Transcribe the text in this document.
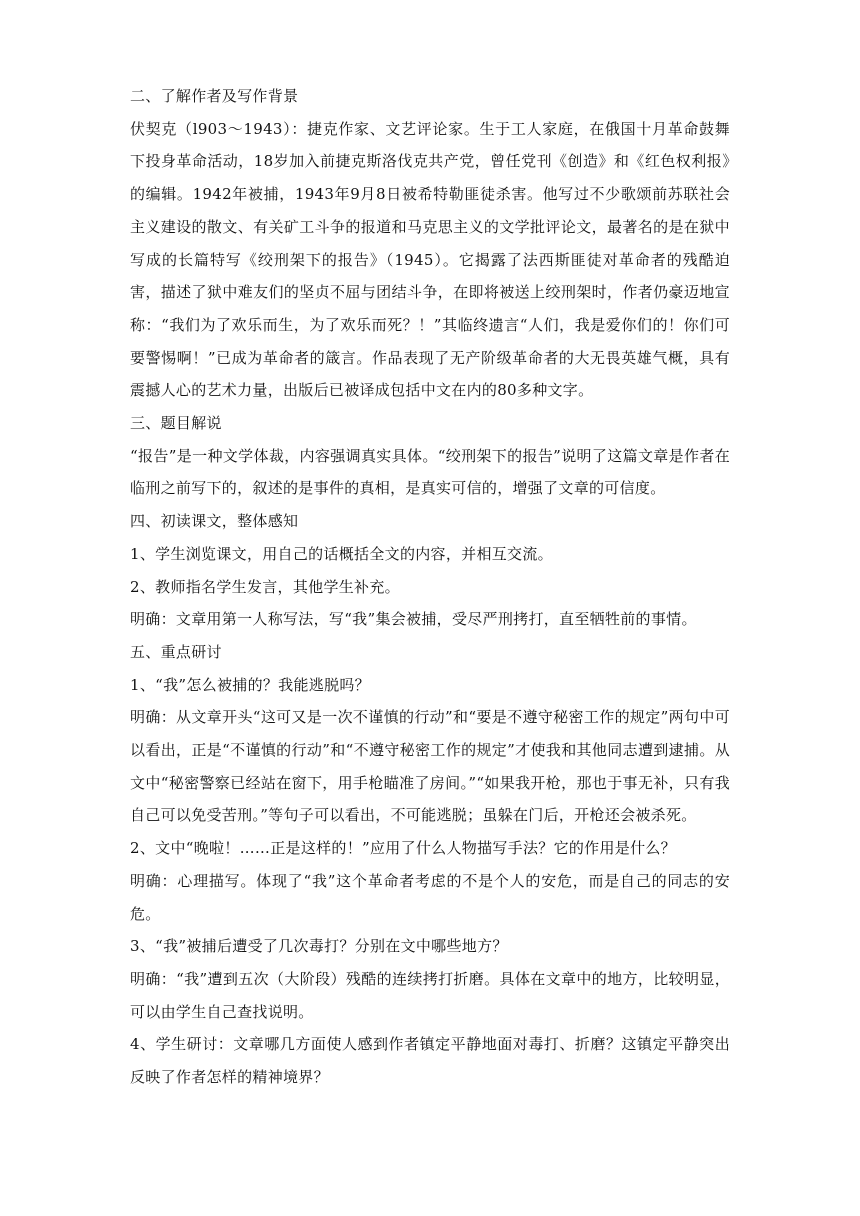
二、了解作者及写作背景

伏契克（l903～1943）：捷克作家、文艺评论家。生于工人家庭，在俄国十月革命鼓舞下投身革命活动，18岁加入前捷克斯洛伐克共产党，曾任党刊《创造》和《红色权利报》的编辑。1942年被捕，1943年9月8日被希特勒匪徒杀害。他写过不少歌颂前苏联社会主义建设的散文、有关矿工斗争的报道和马克思主义的文学批评论文，最著名的是在狱中写成的长篇特写《绞刑架下的报告》（1945）。它揭露了法西斯匪徒对革命者的残酷迫害，描述了狱中难友们的坚贞不屈与团结斗争，在即将被送上绞刑架时，作者仍豪迈地宣称：“我们为了欢乐而生，为了欢乐而死？！”其临终遗言“人们，我是爱你们的！你们可要警惕啊！”已成为革命者的箴言。作品表现了无产阶级革命者的大无畏英雄气概，具有震撼人心的艺术力量，出版后已被译成包括中文在内的80多种文字。

三、题目解说

“报告”是一种文学体裁，内容强调真实具体。“绞刑架下的报告”说明了这篇文章是作者在临刑之前写下的，叙述的是事件的真相，是真实可信的，增强了文章的可信度。

四、初读课文，整体感知

1、学生浏览课文，用自己的话概括全文的内容，并相互交流。

2、教师指名学生发言，其他学生补充。

明确：文章用第一人称写法，写“我”集会被捕，受尽严刑拷打，直至牺牲前的事情。

五、重点研讨

1、“我”怎么被捕的？我能逃脱吗？

明确：从文章开头“这可又是一次不谨慎的行动”和“要是不遵守秘密工作的规定”两句中可以看出，正是“不谨慎的行动”和“不遵守秘密工作的规定”才使我和其他同志遭到逮捕。从文中“秘密警察已经站在窗下，用手枪瞄准了房间。”“如果我开枪，那也于事无补，只有我自己可以免受苦刑。”等句子可以看出，不可能逃脱；虽躲在门后，开枪还会被杀死。

2、文中“晚啦！……正是这样的！”应用了什么人物描写手法？它的作用是什么？

明确：心理描写。体现了“我”这个革命者考虑的不是个人的安危，而是自己的同志的安危。

3、“我”被捕后遭受了几次毒打？分别在文中哪些地方？

明确：“我”遭到五次（大阶段）残酷的连续拷打折磨。具体在文章中的地方，比较明显，可以由学生自己查找说明。

4、学生研讨：文章哪几方面使人感到作者镇定平静地面对毒打、折磨？这镇定平静突出反映了作者怎样的精神境界？
